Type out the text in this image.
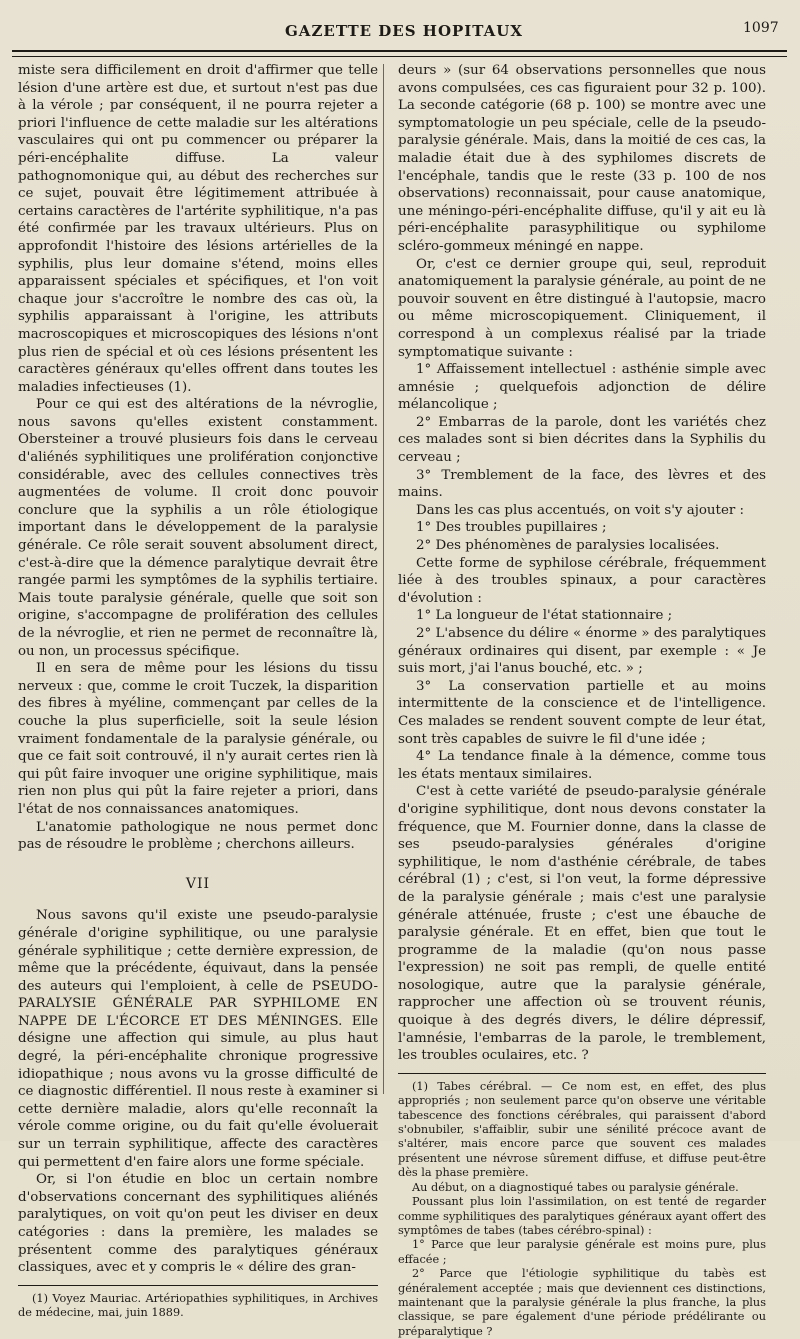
GAZETTE DES HOPITAUX	1097

miste sera difficilement en droit d'affirmer que telle lésion d'une artère est due, et surtout n'est pas due à la vérole ; par conséquent, il ne pourra rejeter a priori l'influence de cette maladie sur les altérations vasculaires qui ont pu commencer ou préparer la péri-encéphalite diffuse. La valeur pathognomonique qui, au début des recherches sur ce sujet, pouvait être légitimement attribuée à certains caractères de l'artérite syphilitique, n'a pas été confirmée par les travaux ultérieurs. Plus on approfondit l'histoire des lésions artérielles de la syphilis, plus leur domaine s'étend, moins elles apparaissent spéciales et spécifiques, et l'on voit chaque jour s'accroître le nombre des cas où, la syphilis apparaissant à l'origine, les attributs macroscopiques et microscopiques des lésions n'ont plus rien de spécial et où ces lésions présentent les caractères généraux qu'elles offrent dans toutes les maladies infectieuses (1).

Pour ce qui est des altérations de la névroglie, nous savons qu'elles existent constamment. Obersteiner a trouvé plusieurs fois dans le cerveau d'aliénés syphilitiques une prolifération conjonctive considérable, avec des cellules connectives très augmentées de volume. Il croit donc pouvoir conclure que la syphilis a un rôle étiologique important dans le développement de la paralysie générale. Ce rôle serait souvent absolument direct, c'est-à-dire que la démence paralytique devrait être rangée parmi les symptômes de la syphilis tertiaire. Mais toute paralysie générale, quelle que soit son origine, s'accompagne de prolifération des cellules de la névroglie, et rien ne permet de reconnaître là, ou non, un processus spécifique.

Il en sera de même pour les lésions du tissu nerveux : que, comme le croit Tuczek, la disparition des fibres à myéline, commençant par celles de la couche la plus superficielle, soit la seule lésion vraiment fondamentale de la paralysie générale, ou que ce fait soit controuvé, il n'y aurait certes rien là qui pût faire invoquer une origine syphilitique, mais rien non plus qui pût la faire rejeter a priori, dans l'état de nos connaissances anatomiques.

L'anatomie pathologique ne nous permet donc pas de résoudre le problème ; cherchons ailleurs.

VII

Nous savons qu'il existe une pseudo-paralysie générale d'origine syphilitique, ou une paralysie générale syphilitique ; cette dernière expression, de même que la précédente, équivaut, dans la pensée des auteurs qui l'emploient, à celle de PSEUDO-PARALYSIE GÉNÉRALE PAR SYPHILOME EN NAPPE DE L'ÉCORCE ET DES MÉNINGES. Elle désigne une affection qui simule, au plus haut degré, la péri-encéphalite chronique progressive idiopathique ; nous avons vu la grosse difficulté de ce diagnostic différentiel. Il nous reste à examiner si cette dernière maladie, alors qu'elle reconnaît la vérole comme origine, ou du fait qu'elle évoluerait sur un terrain syphilitique, affecte des caractères qui permettent d'en faire alors une forme spéciale.

Or, si l'on étudie en bloc un certain nombre d'observations concernant des syphilitiques aliénés paralytiques, on voit qu'on peut les diviser en deux catégories : dans la première, les malades se présentent comme des paralytiques généraux classiques, avec et y compris le « délire des gran-

(1) Voyez Mauriac. Artériopathies syphilitiques, in Archives de médecine, mai, juin 1889.

deurs » (sur 64 observations personnelles que nous avons compulsées, ces cas figuraient pour 32 p. 100). La seconde catégorie (68 p. 100) se montre avec une symptomatologie un peu spéciale, celle de la pseudo-paralysie générale. Mais, dans la moitié de ces cas, la maladie était due à des syphilomes discrets de l'encéphale, tandis que le reste (33 p. 100 de nos observations) reconnaissait, pour cause anatomique, une méningo-péri-encéphalite diffuse, qu'il y ait eu là péri-encéphalite parasyphilitique ou syphilome scléro-gommeux méningé en nappe.

Or, c'est ce dernier groupe qui, seul, reproduit anatomiquement la paralysie générale, au point de ne pouvoir souvent en être distingué à l'autopsie, macro ou même microscopiquement. Cliniquement, il correspond à un complexus réalisé par la triade symptomatique suivante :

1° Affaissement intellectuel : asthénie simple avec amnésie ; quelquefois adjonction de délire mélancolique ;

2° Embarras de la parole, dont les variétés chez ces malades sont si bien décrites dans la Syphilis du cerveau ;

3° Tremblement de la face, des lèvres et des mains.

Dans les cas plus accentués, on voit s'y ajouter :

1° Des troubles pupillaires ;

2° Des phénomènes de paralysies localisées.

Cette forme de syphilose cérébrale, fréquemment liée à des troubles spinaux, a pour caractères d'évolution :

1° La longueur de l'état stationnaire ;

2° L'absence du délire « énorme » des paralytiques généraux ordinaires qui disent, par exemple : « Je suis mort, j'ai l'anus bouché, etc. » ;

3° La conservation partielle et au moins intermittente de la conscience et de l'intelligence. Ces malades se rendent souvent compte de leur état, sont très capables de suivre le fil d'une idée ;

4° La tendance finale à la démence, comme tous les états mentaux similaires.

C'est à cette variété de pseudo-paralysie générale d'origine syphilitique, dont nous devons constater la fréquence, que M. Fournier donne, dans la classe de ses pseudo-paralysies générales d'origine syphilitique, le nom d'asthénie cérébrale, de tabes cérébral (1) ; c'est, si l'on veut, la forme dépressive de la paralysie générale ; mais c'est une paralysie générale atténuée, fruste ; c'est une ébauche de paralysie générale. Et en effet, bien que tout le programme de la maladie (qu'on nous passe l'expression) ne soit pas rempli, de quelle entité nosologique, autre que la paralysie générale, rapprocher une affection où se trouvent réunis, quoique à des degrés divers, le délire dépressif, l'amnésie, l'embarras de la parole, le tremblement, les troubles oculaires, etc. ?

(1) Tabes cérébral. — Ce nom est, en effet, des plus appropriés ; non seulement parce qu'on observe une véritable tabescence des fonctions cérébrales, qui paraissent d'abord s'obnubiler, s'affaiblir, subir une sénilité précoce avant de s'altérer, mais encore parce que souvent ces malades présentent une névrose sûrement diffuse, et diffuse peut-être dès la phase première.

Au début, on a diagnostiqué tabes ou paralysie générale.

Poussant plus loin l'assimilation, on est tenté de regarder comme syphilitiques des paralytiques généraux ayant offert des symptômes de tabes (tabes cérébro-spinal) :

1° Parce que leur paralysie générale est moins pure, plus effacée ;

2° Parce que l'étiologie syphilitique du tabès est généralement acceptée ; mais que deviennent ces distinctions, maintenant que la paralysie générale la plus franche, la plus classique, se pare également d'une période prédélirante ou préparalytique ?
